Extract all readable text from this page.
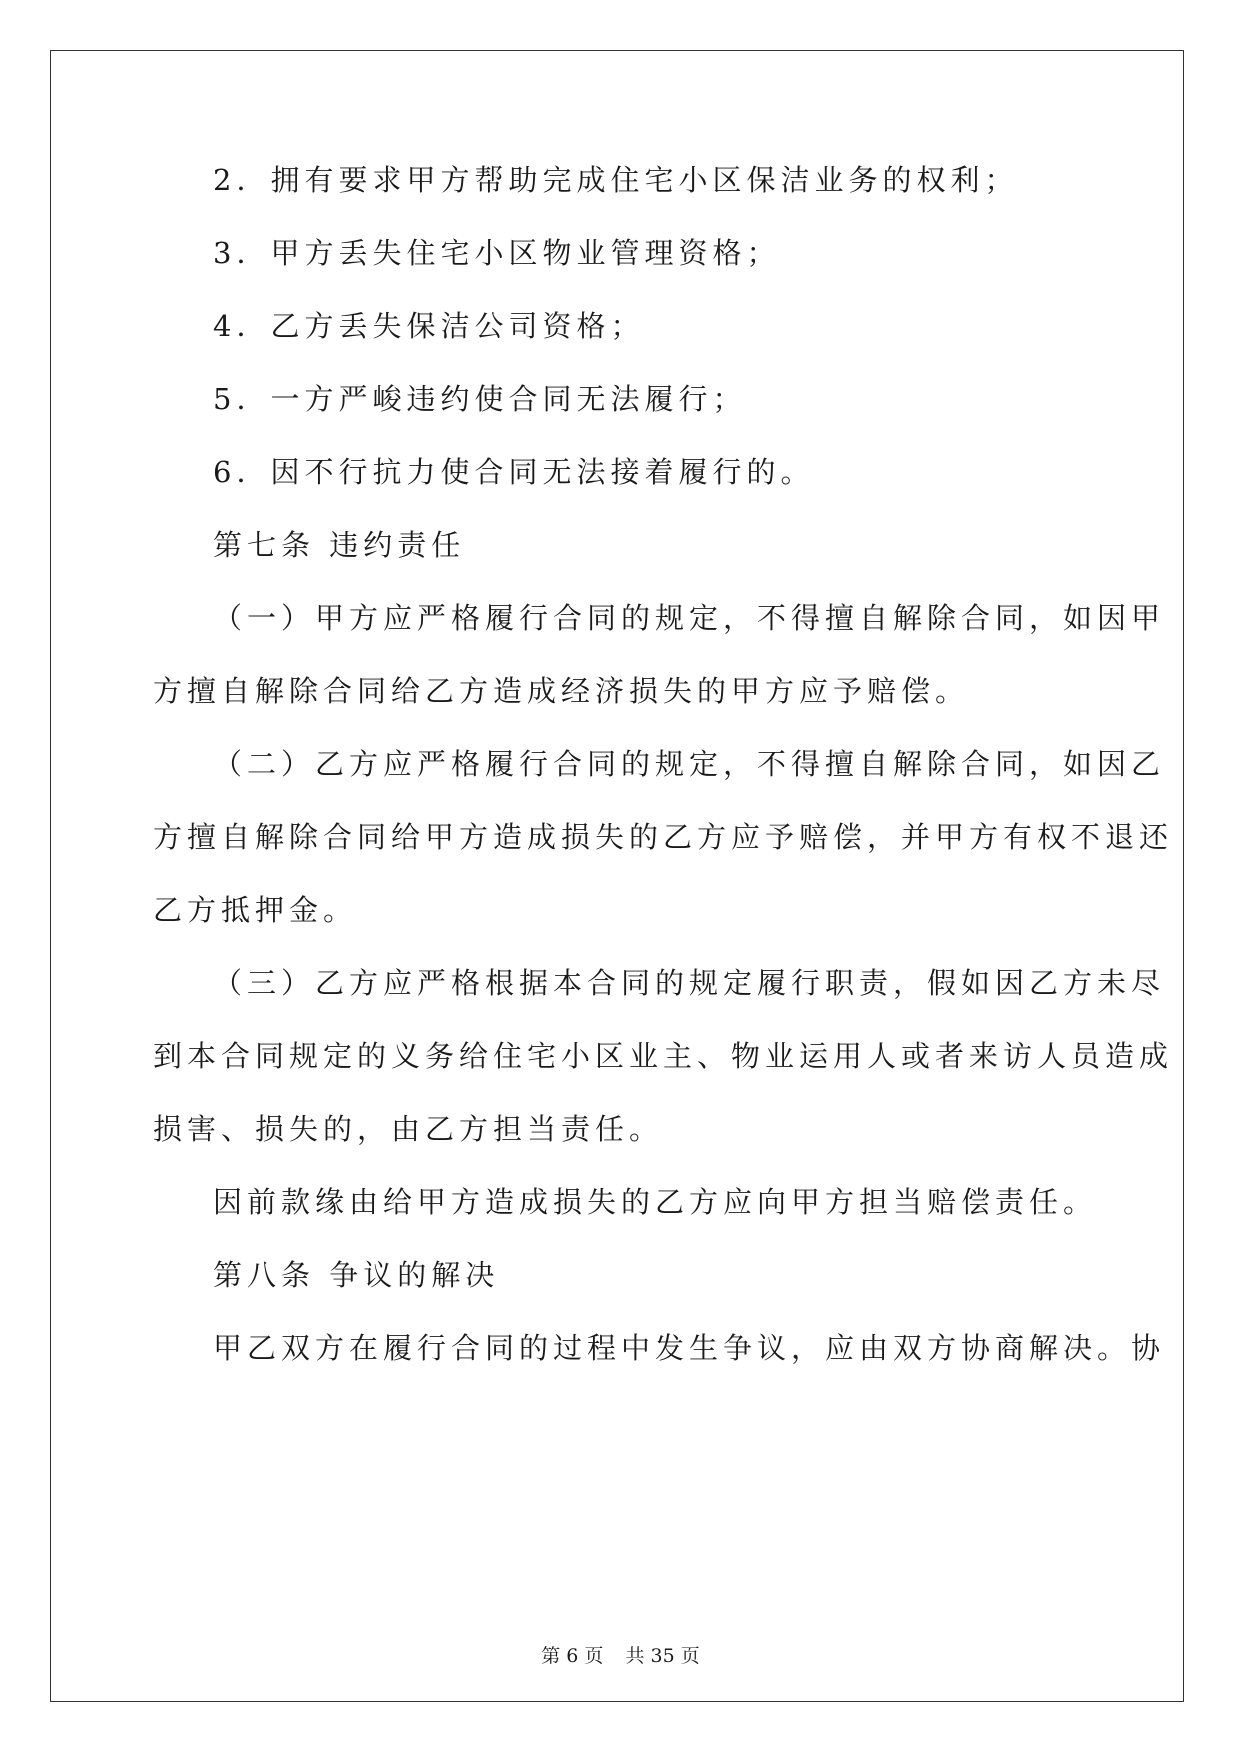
2．拥有要求甲方帮助完成住宅小区保洁业务的权利；
3．甲方丢失住宅小区物业管理资格；
4．乙方丢失保洁公司资格；
5．一方严峻违约使合同无法履行；
6．因不行抗力使合同无法接着履行的。
第七条 违约责任
（一）甲方应严格履行合同的规定，不得擅自解除合同，如因甲
方擅自解除合同给乙方造成经济损失的甲方应予赔偿。
（二）乙方应严格履行合同的规定，不得擅自解除合同，如因乙
方擅自解除合同给甲方造成损失的乙方应予赔偿，并甲方有权不退还
乙方抵押金。
（三）乙方应严格根据本合同的规定履行职责，假如因乙方未尽
到本合同规定的义务给住宅小区业主、物业运用人或者来访人员造成
损害、损失的，由乙方担当责任。
因前款缘由给甲方造成损失的乙方应向甲方担当赔偿责任。
第八条 争议的解决
甲乙双方在履行合同的过程中发生争议，应由双方协商解决。协
第 6 页 共 35 页
